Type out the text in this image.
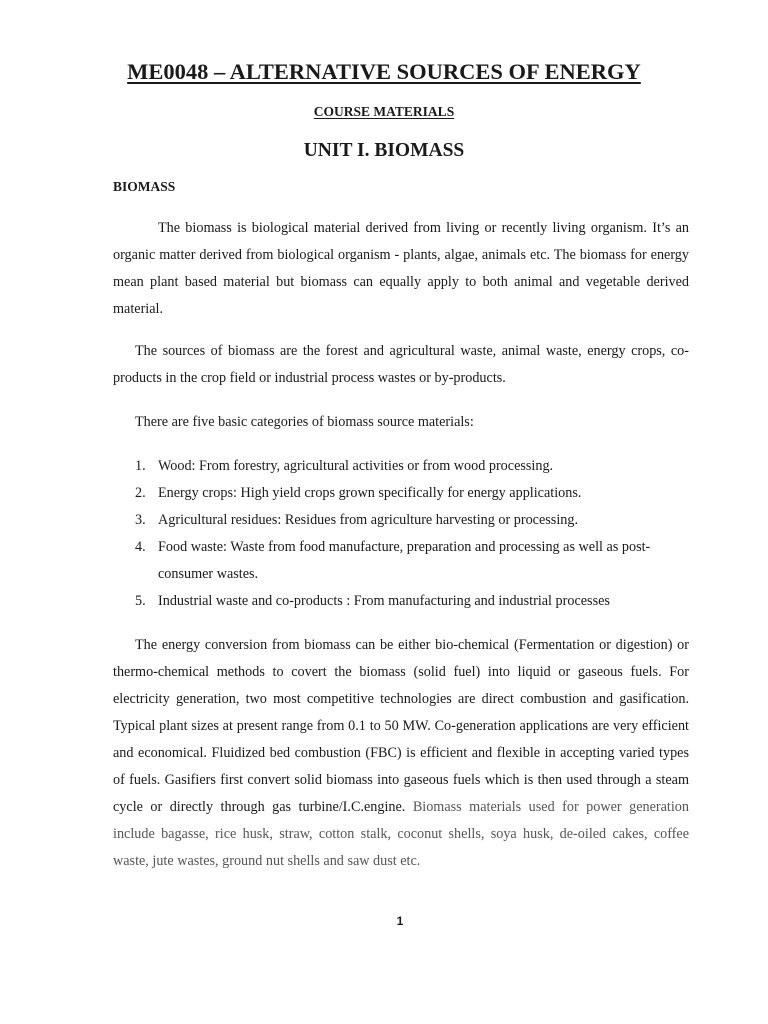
ME0048 – ALTERNATIVE SOURCES OF ENERGY
COURSE MATERIALS
UNIT I. BIOMASS
BIOMASS

The biomass is biological material derived from living or recently living organism. It’s an organic matter derived from biological organism - plants, algae, animals etc. The biomass for energy mean plant based material but biomass can equally apply to both animal and vegetable derived material.

The sources of biomass are the forest and agricultural waste, animal waste, energy crops, co-products in the crop field or industrial process wastes or by-products.

There are five basic categories of biomass source materials:

1. Wood: From forestry, agricultural activities or from wood processing.
2. Energy crops: High yield crops grown specifically for energy applications.
3. Agricultural residues: Residues from agriculture harvesting or processing.
4. Food waste: Waste from food manufacture, preparation and processing as well as post-consumer wastes.
5. Industrial waste and co-products : From manufacturing and industrial processes

The energy conversion from biomass can be either bio-chemical (Fermentation or digestion) or thermo-chemical methods to covert the biomass (solid fuel) into liquid or gaseous fuels. For electricity generation, two most competitive technologies are direct combustion and gasification. Typical plant sizes at present range from 0.1 to 50 MW. Co-generation applications are very efficient and economical. Fluidized bed combustion (FBC) is efficient and flexible in accepting varied types of fuels. Gasifiers first convert solid biomass into gaseous fuels which is then used through a steam cycle or directly through gas turbine/I.C.engine. Biomass materials used for power generation include bagasse, rice husk, straw, cotton stalk, coconut shells, soya husk, de-oiled cakes, coffee waste, jute wastes, ground nut shells and saw dust etc.

1
